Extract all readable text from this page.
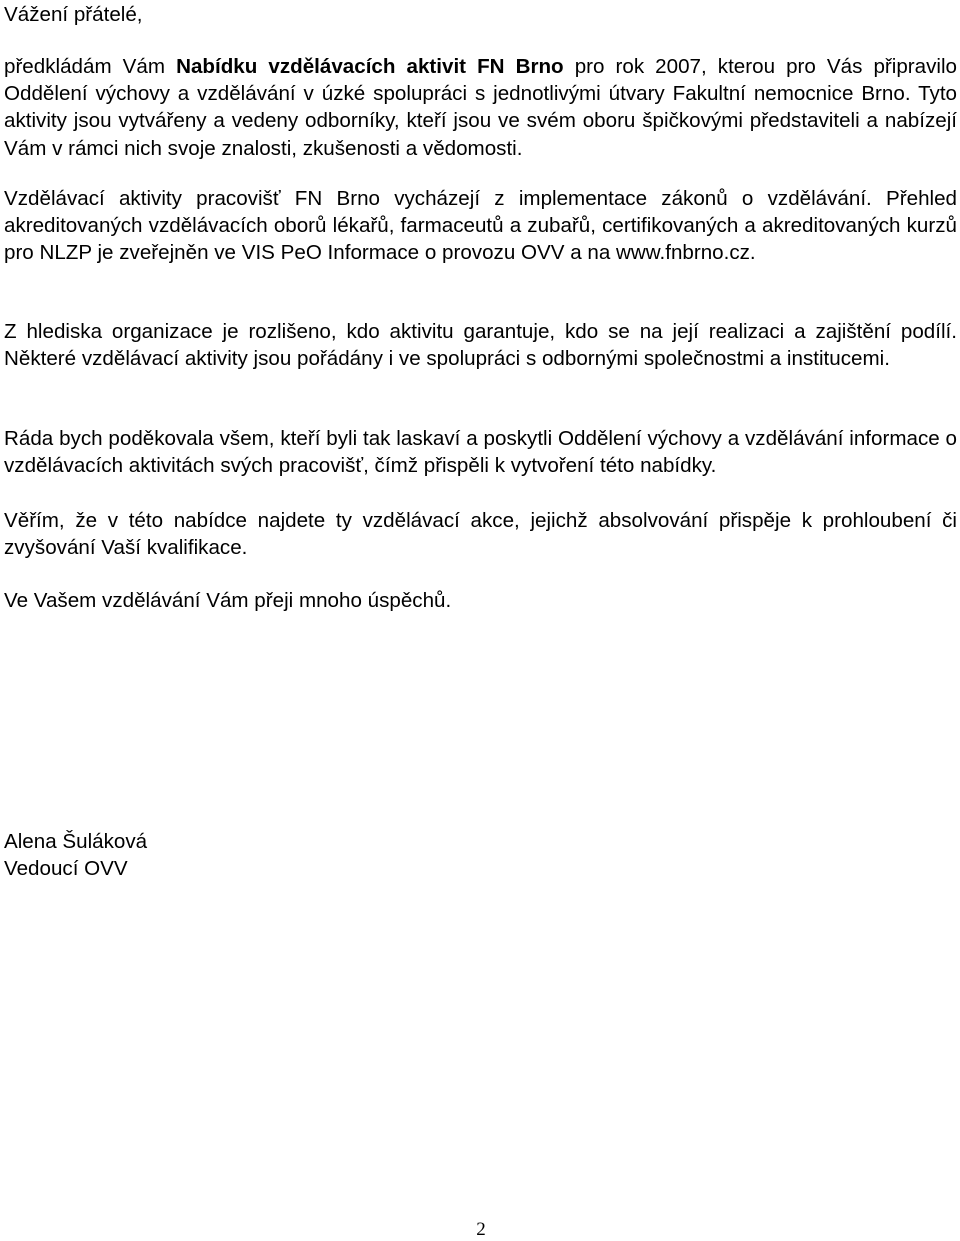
Vážení přátelé,

předkládám Vám Nabídku vzdělávacích aktivit FN Brno pro rok 2007, kterou pro Vás připravilo Oddělení výchovy a vzdělávání v úzké spolupráci s jednotlivými útvary Fakultní nemocnice Brno. Tyto aktivity jsou vytvářeny a vedeny odborníky, kteří jsou ve svém oboru špičkovými představiteli a nabízejí Vám v rámci nich svoje znalosti, zkušenosti a vědomosti.

Vzdělávací aktivity pracovišť FN Brno vycházejí z implementace zákonů o vzdělávání. Přehled akreditovaných vzdělávacích oborů lékařů, farmaceutů a zubařů, certifikovaných a akreditovaných kurzů pro NLZP je zveřejněn ve VIS PeO Informace o provozu OVV a na www.fnbrno.cz.

Z hlediska organizace je rozlišeno, kdo aktivitu garantuje, kdo se na její realizaci a zajištění podílí. Některé vzdělávací aktivity jsou pořádány i ve spolupráci s odbornými společnostmi a institucemi.

Ráda bych poděkovala všem, kteří byli tak laskaví a poskytli Oddělení výchovy a vzdělávání informace o vzdělávacích aktivitách svých pracovišť, čímž přispěli k vytvoření této nabídky.

Věřím, že v této nabídce najdete ty vzdělávací akce, jejichž absolvování přispěje k prohloubení či zvyšování Vaší kvalifikace.

Ve Vašem vzdělávání Vám přeji mnoho úspěchů.

Alena Šuláková
Vedoucí OVV
2
